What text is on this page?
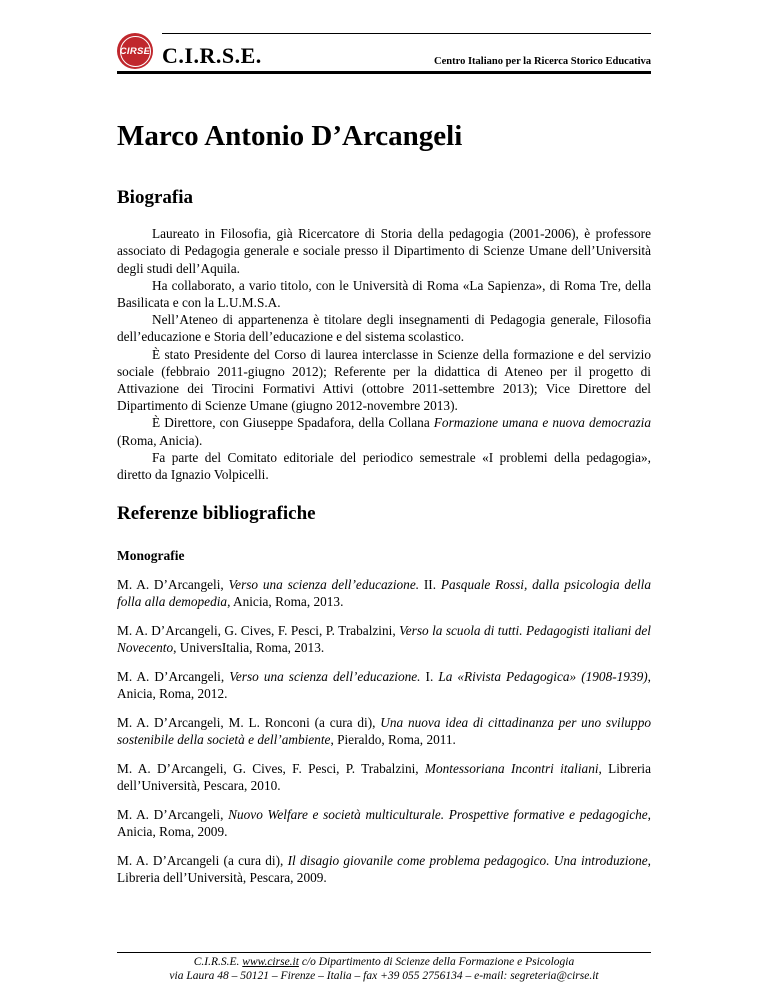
CIRSE C.I.R.S.E.	Centro Italiano per la Ricerca Storico Educativa
Marco Antonio D’Arcangeli
Biografia

Laureato in Filosofia, già Ricercatore di Storia della pedagogia (2001-2006), è professore associato di Pedagogia generale e sociale presso il Dipartimento di Scienze Umane dell’Università degli studi dell’Aquila.

Ha collaborato, a vario titolo, con le Università di Roma «La Sapienza», di Roma Tre, della Basilicata e con la L.U.M.S.A.

Nell’Ateneo di appartenenza è titolare degli insegnamenti di Pedagogia generale, Filosofia dell’educazione e Storia dell’educazione e del sistema scolastico.

È stato Presidente del Corso di laurea interclasse in Scienze della formazione e del servizio sociale (febbraio 2011-giugno 2012); Referente per la didattica di Ateneo per il progetto di Attivazione dei Tirocini Formativi Attivi (ottobre 2011-settembre 2013); Vice Direttore del Dipartimento di Scienze Umane (giugno 2012-novembre 2013).

È Direttore, con Giuseppe Spadafora, della Collana Formazione umana e nuova democrazia (Roma, Anicia).

Fa parte del Comitato editoriale del periodico semestrale «I problemi della pedagogia», diretto da Ignazio Volpicelli.

Referenze bibliografiche
Monografie

M. A. D’Arcangeli, Verso una scienza dell’educazione. II. Pasquale Rossi, dalla psicologia della folla alla demopedia, Anicia, Roma, 2013.

M. A. D’Arcangeli, G. Cives, F. Pesci, P. Trabalzini, Verso la scuola di tutti. Pedagogisti italiani del Novecento, UniversItalia, Roma, 2013.

M. A. D’Arcangeli, Verso una scienza dell’educazione. I. La «Rivista Pedagogica» (1908-1939), Anicia, Roma, 2012.

M. A. D’Arcangeli, M. L. Ronconi (a cura di), Una nuova idea di cittadinanza per uno sviluppo sostenibile della società e dell’ambiente, Pieraldo, Roma, 2011.

M. A. D’Arcangeli, G. Cives, F. Pesci, P. Trabalzini, Montessoriana Incontri italiani, Libreria dell’Università, Pescara, 2010.

M. A. D’Arcangeli, Nuovo Welfare e società multiculturale. Prospettive formative e pedagogiche, Anicia, Roma, 2009.

M. A. D’Arcangeli (a cura di), Il disagio giovanile come problema pedagogico. Una introduzione, Libreria dell’Università, Pescara, 2009.

C.I.R.S.E. www.cirse.it c/o Dipartimento di Scienze della Formazione e Psicologia
via Laura 48 – 50121 – Firenze – Italia – fax +39 055 2756134 – e-mail: segreteria@cirse.it
